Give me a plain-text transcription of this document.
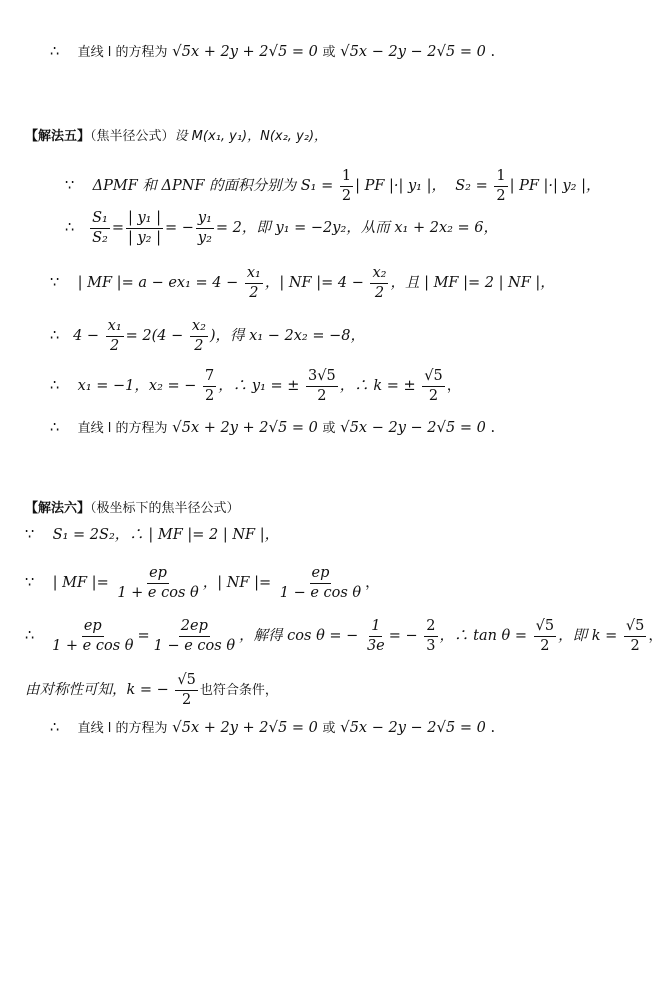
∴ 直线 l 的方程为 √ 5x + 2y + 2 √ 5 = 0 或 √ 5x − 2y − 2 √ 5 = 0 .
【解法五】（焦半径公式）设 M(x₁, y₁)，N(x₂, y₂)，
∵ ΔPMF 和 ΔPNF 的面积分别为 $S_1 = \frac{1}{2}$ | PF |·| y₁ |， $S_2 = \frac{1}{2}$ | PF |·| y₂ |，
∴ $\frac{\text{S₁}}{\text{S₂}} = \frac{\text{| y₁ |}}{\text{| y₂ |}}$ = − $\frac{\text{y₁}}{\text{y₂}} = 2$，即 y₁ = −2y₂，从而 x₁ + 2x₂ = 6，
∵ | MF |= $a - ex_1 = 4 - \frac{\text{x₁}}{2}$ ，| NF |= $4 - \frac{\text{x₂}}{2}$ ，且 | MF |= 2 | NF |，
∴ $4 - \frac{\text{x₁}}{2} = 2(4 - \frac{\text{x₂}}{2}$ )，得 x₁ − 2x₂ = −8，
∴ x₁ = −1，x₂ = − $\frac{7}{2}$ ，∴ y₁ = ± $\frac{3√5}{2}$ ，∴ k = ± $\frac{√5}{2}$ ，
∴ 直线 l 的方程为 √ 5x + 2y + 2 √ 5 = 0 或 √ 5x − 2y − 2 √ 5 = 0 .
【解法六】（极坐标下的焦半径公式）
∵ S₁ = 2S₂，∴ | MF |= 2 | NF |，
∵ | MF |= $\frac{ep}{\text{1 + e cos θ}}$ ，| NF |= $\frac{ep}{\text{1 − e cos θ}}$ ，
∴ $\frac{ep}{\text{1 + e cos θ}} = \frac{2ep}{\text{1 − e cos θ}}$ ，解得 cos θ = − $\frac{1}{3e}$ = − $\frac{2}{3}$ ，∴ $\tan \theta = \frac{√5}{2}$ ，即 $k = \frac{√5}{2}$ ，
由对称性可知，k = − $\frac{√5}{2}$ 也符合条件，
∴ 直线 l 的方程为 √ 5x + 2y + 2 √ 5 = 0 或 √ 5x − 2y − 2 √ 5 = 0 .
